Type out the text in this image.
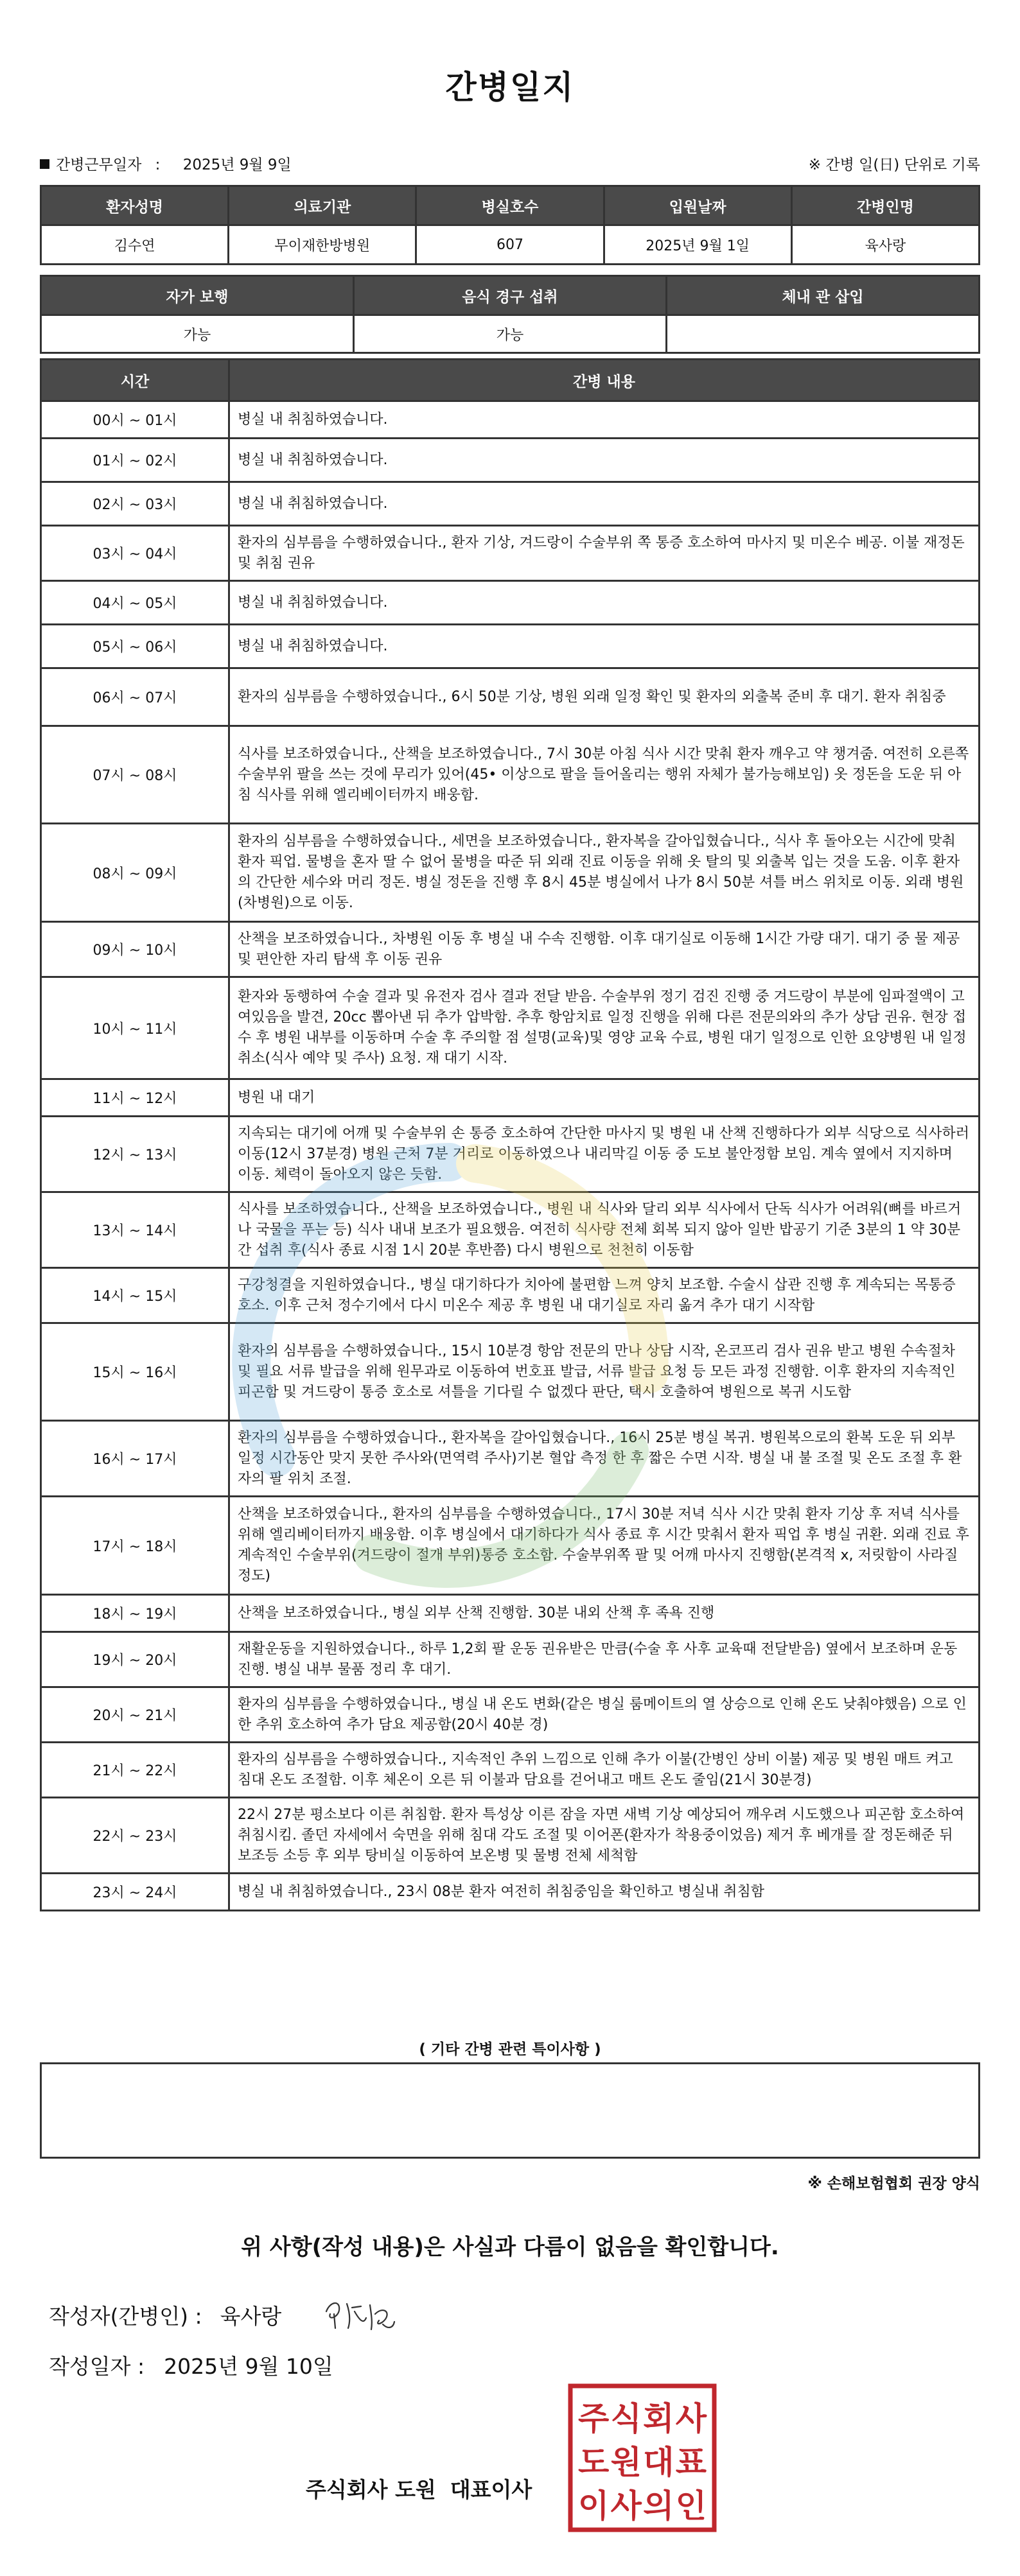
간병일지
간병근무일자 : 2025년 9월 9일	※ 간병 일(日) 단위로 기록
환자성명	의료기관	병실호수	입원날짜	간병인명
김수연	무이재한방병원	607	2025년 9월 1일	육사랑
자가 보행	음식 경구 섭취	체내 관 삽입
가능	가능	
시간	간병 내용
00시 ~ 01시	병실 내 취침하였습니다.
01시 ~ 02시	병실 내 취침하였습니다.
02시 ~ 03시	병실 내 취침하였습니다.
03시 ~ 04시	환자의 심부름을 수행하였습니다., 환자 기상, 겨드랑이 수술부위 쪽 통증 호소하여 마사지 및 미온수 베공. 이불 재정돈 및 취침 권유
04시 ~ 05시	병실 내 취침하였습니다.
05시 ~ 06시	병실 내 취침하였습니다.
06시 ~ 07시	환자의 심부름을 수행하였습니다., 6시 50분 기상, 병원 외래 일정 확인 및 환자의 외출복 준비 후 대기. 환자 취침중
07시 ~ 08시	식사를 보조하였습니다., 산책을 보조하였습니다., 7시 30분 아침 식사 시간 맞춰 환자 깨우고 약 챙겨줌. 여전히 오른쪽 수술부위 팔을 쓰는 것에 무리가 있어(45• 이상으로 팔을 들어올리는 행위 자체가 불가능해보임) 옷 정돈을 도운 뒤 아침 식사를 위해 엘리베이터까지 배웅함.
08시 ~ 09시	환자의 심부름을 수행하였습니다., 세면을 보조하였습니다., 환자복을 갈아입혔습니다., 식사 후 돌아오는 시간에 맞춰 환자 픽업. 물병을 혼자 딸 수 없어 물병을 따준 뒤 외래 진료 이동을 위해 옷 탈의 및 외출복 입는 것을 도움. 이후 환자의 간단한 세수와 머리 정돈. 병실 정돈을 진행 후 8시 45분 병실에서 나가 8시 50분 셔틀 버스 위치로 이동. 외래 병원(차병원)으로 이동.
09시 ~ 10시	산책을 보조하였습니다., 차병원 이동 후 병실 내 수속 진행함. 이후 대기실로 이동해 1시간 가량 대기. 대기 중 물 제공 및 편안한 자리 탐색 후 이동 권유
10시 ~ 11시	환자와 동행하여 수술 결과 및 유전자 검사 결과 전달 받음. 수술부위 정기 검진 진행 중 겨드랑이 부분에 임파절액이 고여있음을 발견, 20cc 뽑아낸 뒤 추가 압박함. 추후 항암치료 일정 진행을 위해 다른 전문의와의 추가 상담 권유. 현장 접수 후 병원 내부를 이동하며 수술 후 주의할 점 설명(교육)및 영양 교육 수료, 병원 대기 일정으로 인한 요양병원 내 일정 취소(식사 예약 및 주사) 요청. 재 대기 시작.
11시 ~ 12시	병원 내 대기
12시 ~ 13시	지속되는 대기에 어깨 및 수술부위 손 통증 호소하여 간단한 마사지 및 병원 내 산책 진행하다가 외부 식당으로 식사하러 이동(12시 37분경) 병원 근처 7분 거리로 이동하였으나 내리막길 이동 중 도보 불안정함 보임. 계속 옆에서 지지하며 이동. 체력이 돌아오지 않은 듯함.
13시 ~ 14시	식사를 보조하였습니다., 산책을 보조하였습니다., 병원 내 식사와 달리 외부 식사에서 단독 식사가 어려워(뼈를 바르거나 국물을 푸는 등) 식사 내내 보조가 필요했음. 여전히 식사량 전체 회복 되지 않아 일반 밥공기 기준 3분의 1 약 30분간 섭취 후(식사 종료 시점 1시 20분 후반쯤) 다시 병원으로 천천히 이동함
14시 ~ 15시	구강청결을 지원하였습니다., 병실 대기하다가 치아에 불편함 느껴 양치 보조함. 수술시 삽관 진행 후 계속되는 목통증 호소. 이후 근처 정수기에서 다시 미온수 제공 후 병원 내 대기실로 자리 옮겨 추가 대기 시작함
15시 ~ 16시	환자의 심부름을 수행하였습니다., 15시 10분경 항암 전문의 만나 상담 시작, 온코프리 검사 권유 받고 병원 수속절차 및 필요 서류 발급을 위해 원무과로 이동하여 번호표 발급, 서류 발급 요청 등 모든 과정 진행함. 이후 환자의 지속적인 피곤함 및 겨드랑이 통증 호소로 셔틀을 기다릴 수 없겠다 판단, 택시 호출하여 병원으로 복귀 시도함
16시 ~ 17시	환자의 심부름을 수행하였습니다., 환자복을 갈아입혔습니다., 16시 25분 병실 복귀. 병원복으로의 환복 도운 뒤 외부 일정 시간동안 맞지 못한 주사와(면역력 주사)기본 혈압 측정 한 후 짧은 수면 시작. 병실 내 불 조절 및 온도 조절 후 환자의 팔 위치 조절.
17시 ~ 18시	산책을 보조하였습니다., 환자의 심부름을 수행하였습니다., 17시 30분 저녁 식사 시간 맞춰 환자 기상 후 저녁 식사를 위해 엘리베이터까지 배웅함. 이후 병실에서 대기하다가 식사 종료 후 시간 맞춰서 환자 픽업 후 병실 귀환. 외래 진료 후 계속적인 수술부위(겨드랑이 절개 부위)통증 호소함. 수술부위쪽 팔 및 어깨 마사지 진행함(본격적 x, 저릿함이 사라질 정도)
18시 ~ 19시	산책을 보조하였습니다., 병실 외부 산책 진행함. 30분 내외 산책 후 족욕 진행
19시 ~ 20시	재활운동을 지원하였습니다., 하루 1,2회 팔 운동 권유받은 만큼(수술 후 사후 교육때 전달받음) 옆에서 보조하며 운동 진행. 병실 내부 물품 정리 후 대기.
20시 ~ 21시	환자의 심부름을 수행하였습니다., 병실 내 온도 변화(같은 병실 룸메이트의 열 상승으로 인해 온도 낮춰야했음) 으로 인한 추위 호소하여 추가 담요 제공함(20시 40분 경)
21시 ~ 22시	환자의 심부름을 수행하였습니다., 지속적인 추위 느낌으로 인해 추가 이불(간병인 상비 이불) 제공 및 병원 매트 켜고 침대 온도 조절함. 이후 체온이 오른 뒤 이불과 담요를 걷어내고 매트 온도 줄임(21시 30분경)
22시 ~ 23시	22시 27분 평소보다 이른 취침함. 환자 특성상 이른 잠을 자면 새벽 기상 예상되어 깨우려 시도했으나 피곤함 호소하여 취침시킴. 졸던 자세에서 숙면을 위해 침대 각도 조절 및 이어폰(환자가 착용중이었음) 제거 후 베개를 잘 정돈해준 뒤 보조등 소등 후 외부 탕비실 이동하여 보온병 및 물병 전체 세척함
23시 ~ 24시	병실 내 취침하였습니다., 23시 08분 환자 여전히 취침중임을 확인하고 병실내 취침함
( 기타 간병 관련 특이사항 )
※ 손해보험협회 권장 양식
위 사항(작성 내용)은 사실과 다름이 없음을 확인합니다.
작성자(간병인) : 육사랑
작성일자 : 2025년 9월 10일
주식회사 도원 대표이사
주식회사
도원대표
이사의인
